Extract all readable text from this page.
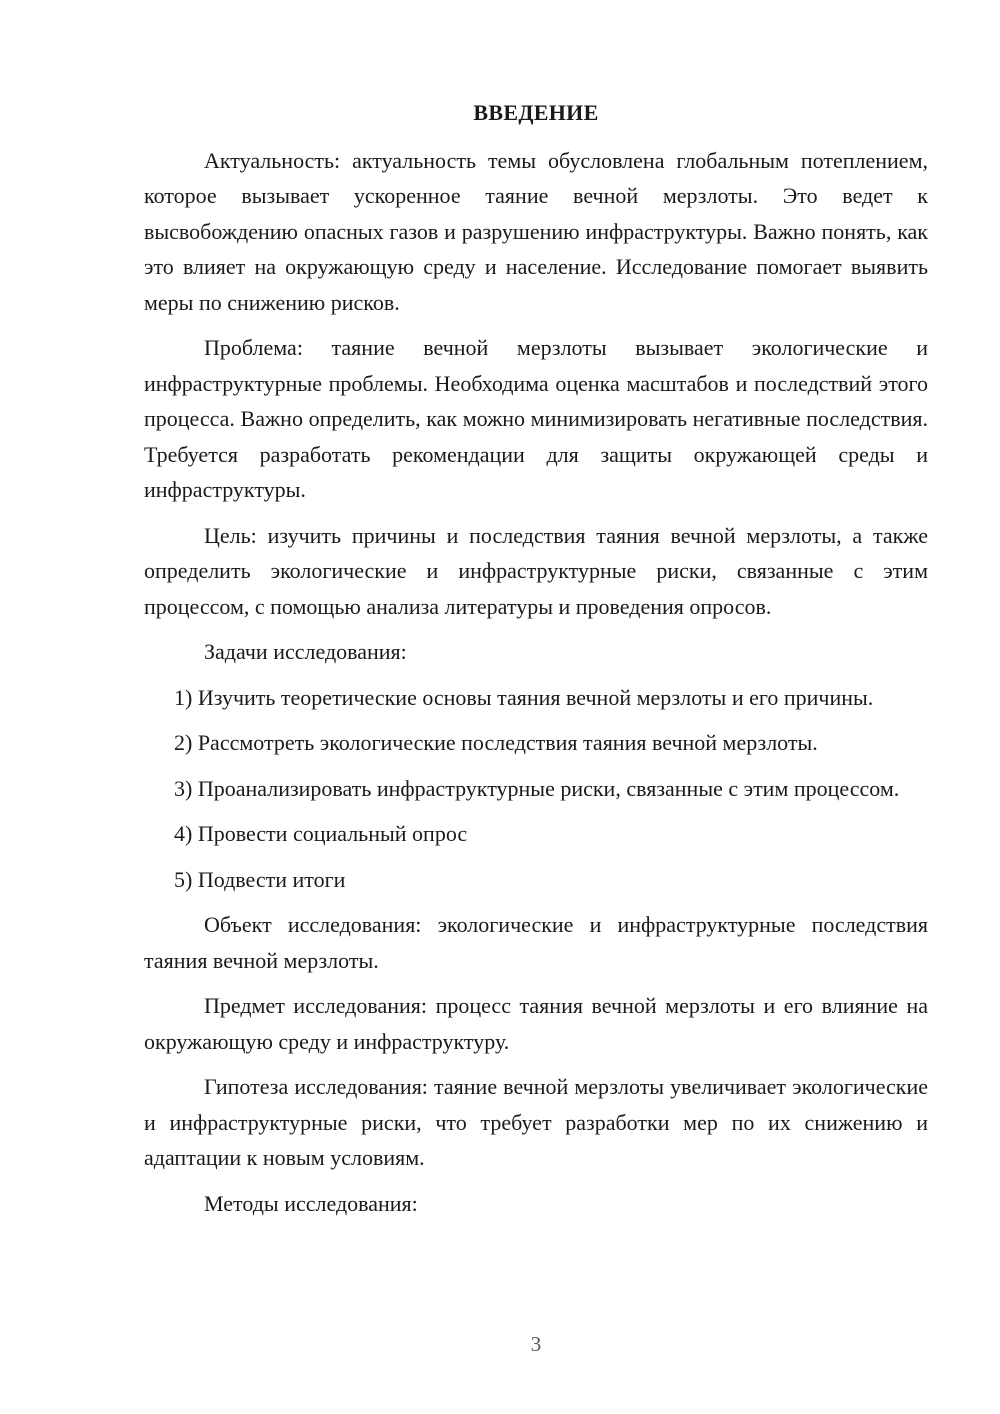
ВВЕДЕНИЕ

Актуальность: актуальность темы обусловлена глобальным потеплением, которое вызывает ускоренное таяние вечной мерзлоты. Это ведет к высвобождению опасных газов и разрушению инфраструктуры. Важно понять, как это влияет на окружающую среду и население. Исследование помогает выявить меры по снижению рисков.

Проблема: таяние вечной мерзлоты вызывает экологические и инфраструктурные проблемы. Необходима оценка масштабов и последствий этого процесса. Важно определить, как можно минимизировать негативные последствия. Требуется разработать рекомендации для защиты окружающей среды и инфраструктуры.

Цель: изучить причины и последствия таяния вечной мерзлоты, а также определить экологические и инфраструктурные риски, связанные с этим процессом, с помощью анализа литературы и проведения опросов.

Задачи исследования:

1) Изучить теоретические основы таяния вечной мерзлоты и его причины.

2) Рассмотреть экологические последствия таяния вечной мерзлоты.

3) Проанализировать инфраструктурные риски, связанные с этим процессом.

4) Провести социальный опрос

5) Подвести итоги

Объект исследования: экологические и инфраструктурные последствия таяния вечной мерзлоты.

Предмет исследования: процесс таяния вечной мерзлоты и его влияние на окружающую среду и инфраструктуру.

Гипотеза исследования: таяние вечной мерзлоты увеличивает экологические и инфраструктурные риски, что требует разработки мер по их снижению и адаптации к новым условиям.

Методы исследования:

3
